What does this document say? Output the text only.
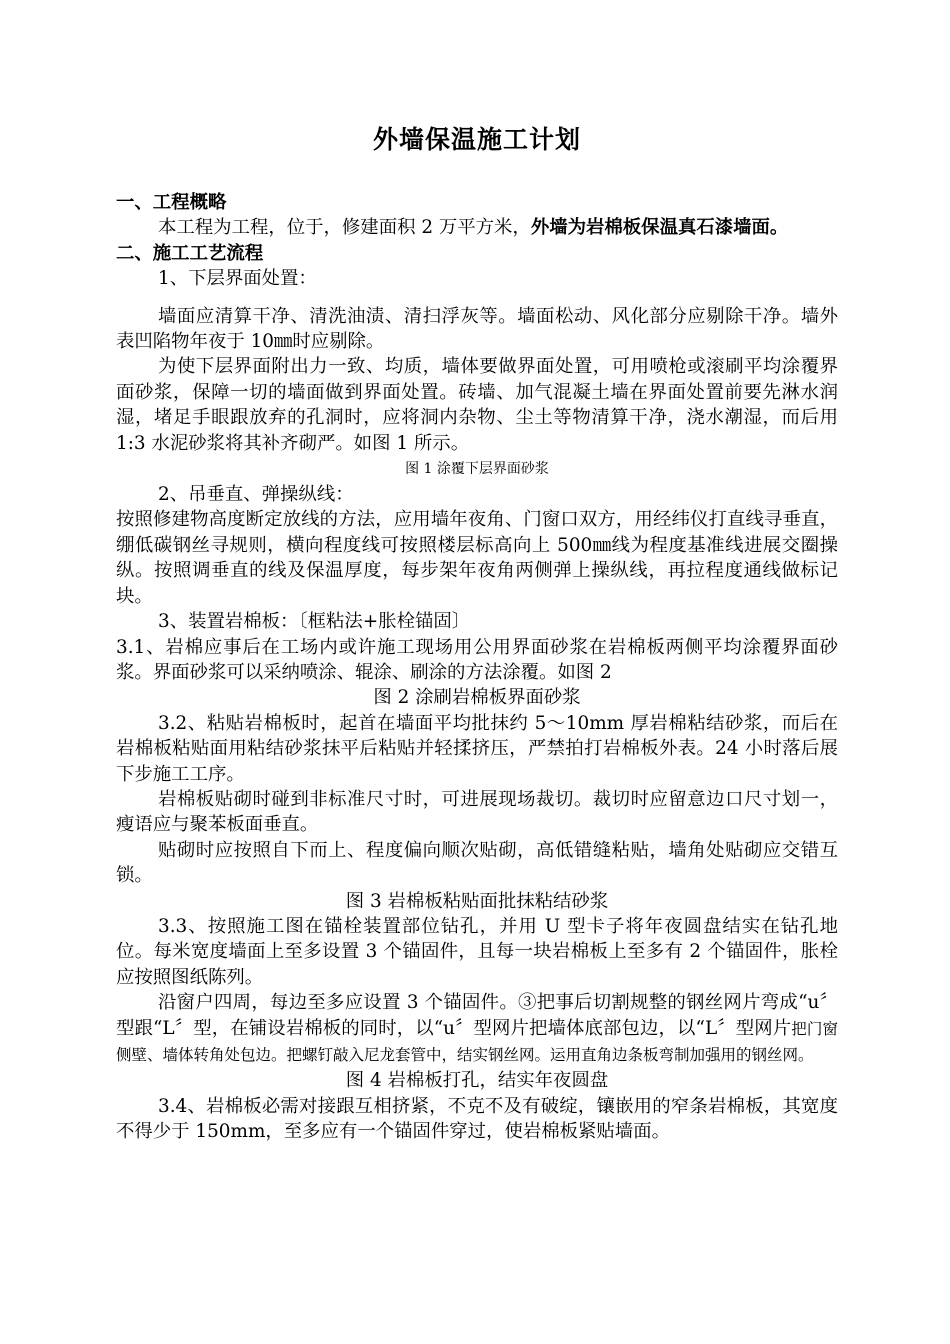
外墙保温施工计划

一、工程概略

本工程为工程，位于，修建面积 2 万平方米，外墙为岩棉板保温真石漆墙面。

二、施工工艺流程

1、下层界面处置：

墙面应清算干净、清洗油渍、清扫浮灰等。墙面松动、风化部分应剔除干净。墙外表凹陷物年夜于 10㎜时应剔除。

为使下层界面附出力一致、均质，墙体要做界面处置，可用喷枪或滚刷平均涂覆界面砂浆，保障一切的墙面做到界面处置。砖墙、加气混凝土墙在界面处置前要先淋水润湿，堵足手眼跟放弃的孔洞时，应将洞内杂物、尘土等物清算干净，浇水潮湿，而后用 1:3 水泥砂浆将其补齐砌严。如图 1 所示。

图 1 涂覆下层界面砂浆

2、吊垂直、弹操纵线：

按照修建物高度断定放线的方法，应用墙年夜角、门窗口双方，用经纬仪打直线寻垂直，绷低碳钢丝寻规则，横向程度线可按照楼层标高向上 500㎜线为程度基准线进展交圈操纵。按照调垂直的线及保温厚度，每步架年夜角两侧弹上操纵线，再拉程度通线做标记块。

3、装置岩棉板：〔框粘法+胀栓锚固〕

3.1、岩棉应事后在工场内或许施工现场用公用界面砂浆在岩棉板两侧平均涂覆界面砂浆。界面砂浆可以采纳喷涂、辊涂、刷涂的方法涂覆。如图 2

图 2 涂刷岩棉板界面砂浆

3.2、粘贴岩棉板时，起首在墙面平均批抹约 5～10mm 厚岩棉粘结砂浆，而后在岩棉板粘贴面用粘结砂浆抹平后粘贴并轻揉挤压，严禁拍打岩棉板外表。24 小时落后展下步施工工序。

岩棉板贴砌时碰到非标准尺寸时，可进展现场裁切。裁切时应留意边口尺寸划一，瘦语应与聚苯板面垂直。

贴砌时应按照自下而上、程度偏向顺次贴砌，高低错缝粘贴，墙角处贴砌应交错互锁。

图 3 岩棉板粘贴面批抹粘结砂浆

3.3、按照施工图在锚栓装置部位钻孔，并用 U 型卡子将年夜圆盘结实在钻孔地位。每米宽度墙面上至多设置 3 个锚固件，且每一块岩棉板上至多有 2 个锚固件，胀栓应按照图纸陈列。

沿窗户四周，每边至多应设置 3 个锚固件。③把事后切割规整的钢丝网片弯成“u〞型跟“L〞型，在铺设岩棉板的同时，以“u〞型网片把墙体底部包边，以“L〞型网片把门窗侧壁、墙体转角处包边。把螺钉敲入尼龙套管中，结实钢丝网。运用直角边条板弯制加强用的钢丝网。

图 4 岩棉板打孔，结实年夜圆盘

3.4、岩棉板必需对接跟互相挤紧，不克不及有破绽，镶嵌用的窄条岩棉板，其宽度不得少于 150mm，至多应有一个锚固件穿过，使岩棉板紧贴墙面。
